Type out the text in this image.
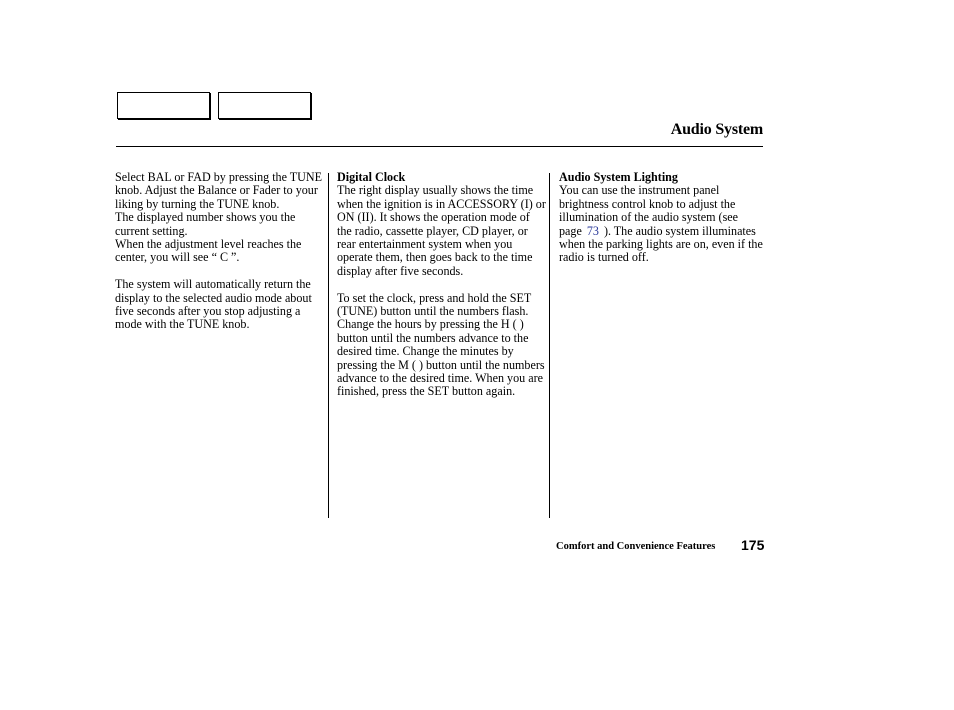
Audio System

Select BAL or FAD by pressing the TUNE knob. Adjust the Balance or Fader to your liking by turning the TUNE knob.

The displayed number shows you the current setting.

When the adjustment level reaches the center, you will see “ C ”.

The system will automatically return the display to the selected audio mode about five seconds after you stop adjusting a mode with the TUNE knob.

Digital Clock

The right display usually shows the time when the ignition is in ACCESSORY (I) or ON (II). It shows the operation mode of the radio, cassette player, CD player, or rear entertainment system when you operate them, then goes back to the time display after five seconds.

To set the clock, press and hold the SET (TUNE) button until the numbers flash. Change the hours by pressing the H ( ) button until the numbers advance to the desired time. Change the minutes by pressing the M ( ) button until the numbers advance to the desired time. When you are finished, press the SET button again.

Audio System Lighting

You can use the instrument panel brightness control knob to adjust the illumination of the audio system (see page 73 ). The audio system illuminates when the parking lights are on, even if the radio is turned off.

Comfort and Convenience Features 175
